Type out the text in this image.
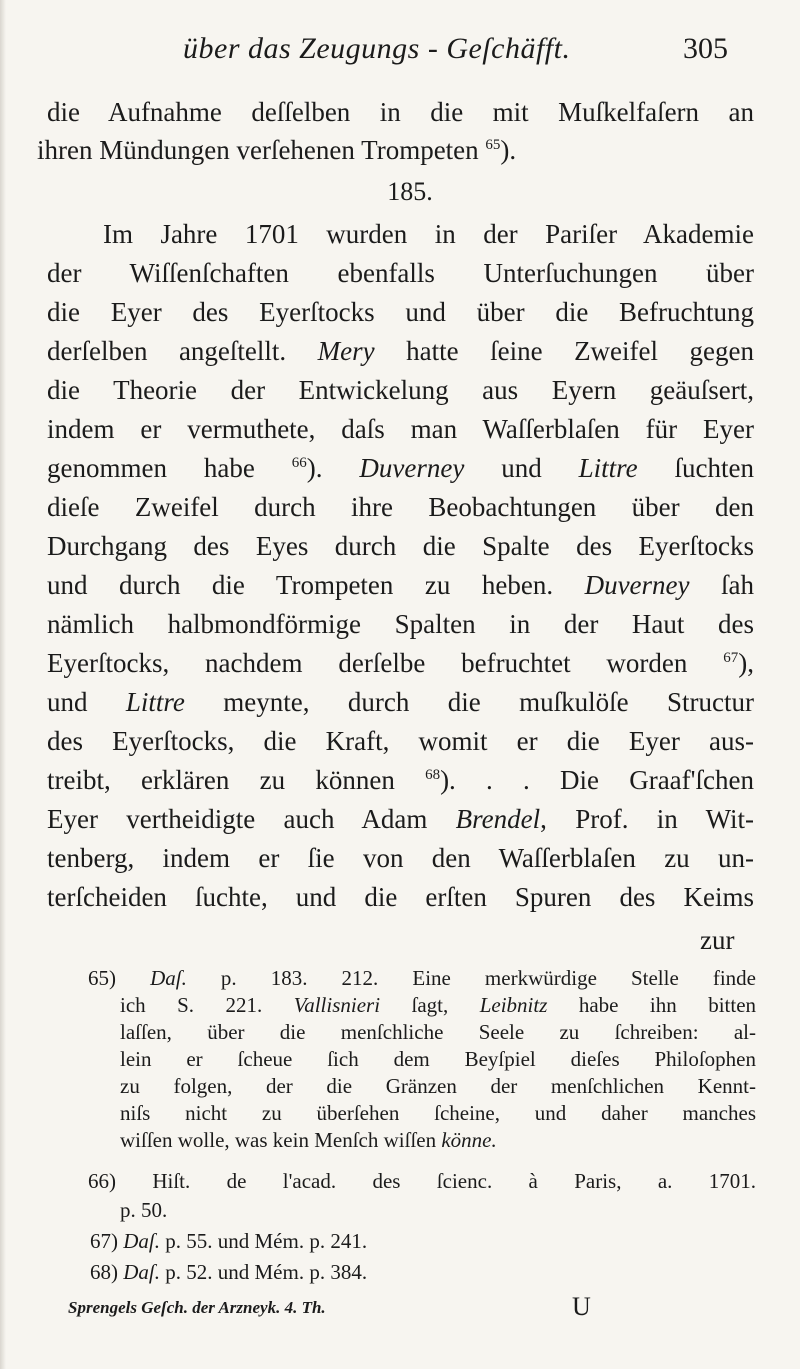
über das Zeugungs - Geſchäfft.	305
die Aufnahme deſſelben in die mit Muſkelfaſern an
ihren Mündungen verſehenen Trompeten $^{65}$).
185.
Im Jahre 1701 wurden in der Pariſer Akademie
der Wiſſenſchaften ebenfalls Unterſuchungen über
die Eyer des Eyerſtocks und über die Befruchtung
derſelben angeſtellt. Mery hatte ſeine Zweifel gegen
die Theorie der Entwickelung aus Eyern geäuſsert,
indem er vermuthete, daſs man Waſſerblaſen für Eyer
genommen habe $^{66}$). Duverney und Littre ſuchten
dieſe Zweifel durch ihre Beobachtungen über den
Durchgang des Eyes durch die Spalte des Eyerſtocks
und durch die Trompeten zu heben. Duverney ſah
nämlich halbmondförmige Spalten in der Haut des
Eyerſtocks, nachdem derſelbe befruchtet worden $^{67}$),
und Littre meynte, durch die muſkulöſe Structur
des Eyerſtocks, die Kraft, womit er die Eyer aus-
treibt, erklären zu können $^{68}$). . . Die Graaf'ſchen
Eyer vertheidigte auch Adam Brendel, Prof. in Wit-
tenberg, indem er ſie von den Waſſerblaſen zu un-
terſcheiden ſuchte, und die erſten Spuren des Keims
zur
65) Daſ. p. 183. 212. Eine merkwürdige Stelle finde
ich S. 221. Vallisnieri ſagt, Leibnitz habe ihn bitten
laſſen, über die menſchliche Seele zu ſchreiben: al-
lein er ſcheue ſich dem Beyſpiel dieſes Philoſophen
zu folgen, der die Gränzen der menſchlichen Kennt-
niſs nicht zu überſehen ſcheine, und daher manches
wiſſen wolle, was kein Menſch wiſſen könne.
66) Hiſt. de l'acad. des ſcienc. à Paris, a. 1701.
p. 50.
67) Daſ. p. 55. und Mém. p. 241.
68) Daſ. p. 52. und Mém. p. 384.
Sprengels Geſch. der Arzneyk. 4. Th.	U
